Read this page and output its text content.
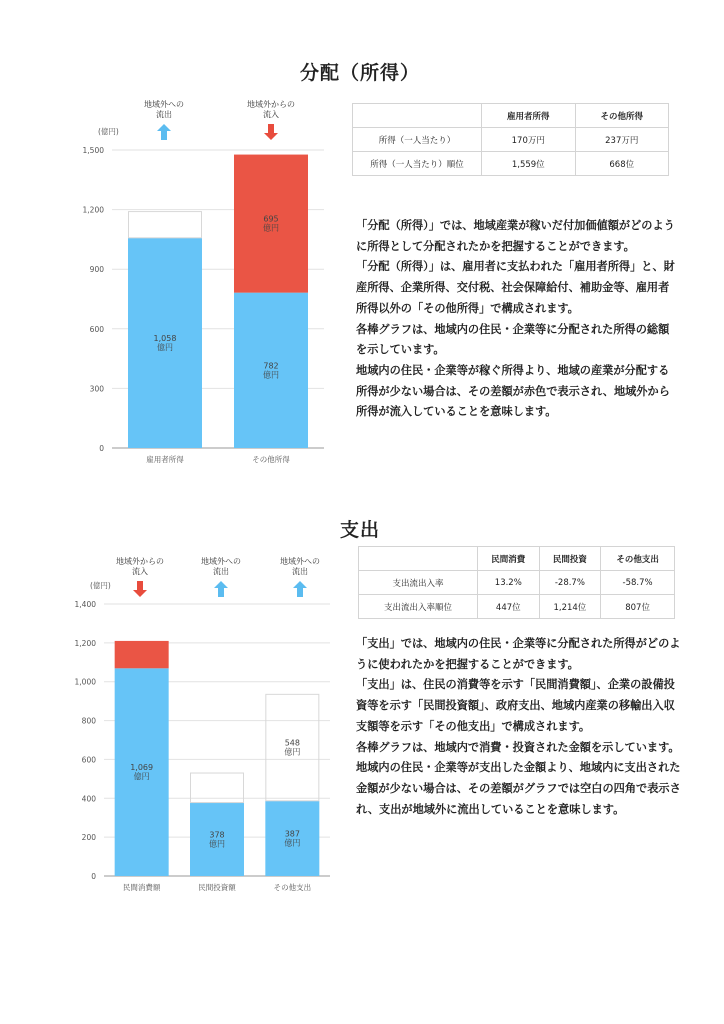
分配（所得）
地域外への
流出
地域外からの
流入
(億円)
0
300
600
900
1,200
1,500
1,058 億円
雇用者所得
695 億円
782 億円
その他所得
	雇用者所得	その他所得
所得（一人当たり）	170万円	237万円
所得（一人当たり）順位	1,559位	668位

「分配（所得）」では、地域産業が稼いだ付加価値額がどのように所得として分配されたかを把握することができます。

「分配（所得）」は、雇用者に支払われた「雇用者所得」と、財産所得、企業所得、交付税、社会保障給付、補助金等、雇用者所得以外の「その他所得」で構成されます。

各棒グラフは、地域内の住民・企業等に分配された所得の総額を示しています。

地域内の住民・企業等が稼ぐ所得より、地域の産業が分配する所得が少ない場合は、その差額が赤色で表示され、地域外から所得が流入していることを意味します。

支出
地域外からの
流入
地域外への
流出
地域外への
流出
(億円)
0
200
400
600
800
1,000
1,200
1,400
1,069 億円
民間消費額
378 億円
民間投資額
548 億円
387 億円
その他支出
	民間消費	民間投資	その他支出
支出流出入率	13.2%	-28.7%	-58.7%
支出流出入率順位	447位	1,214位	807位

「支出」では、地域内の住民・企業等に分配された所得がどのように使われたかを把握することができます。

「支出」は、住民の消費等を示す「民間消費額」、企業の設備投資等を示す「民間投資額」、政府支出、地域内産業の移輸出入収支額等を示す「その他支出」で構成されます。

各棒グラフは、地域内で消費・投資された金額を示しています。

地域内の住民・企業等が支出した金額より、地域内に支出された金額が少ない場合は、その差額がグラフでは空白の四角で表示され、支出が地域外に流出していることを意味します。
